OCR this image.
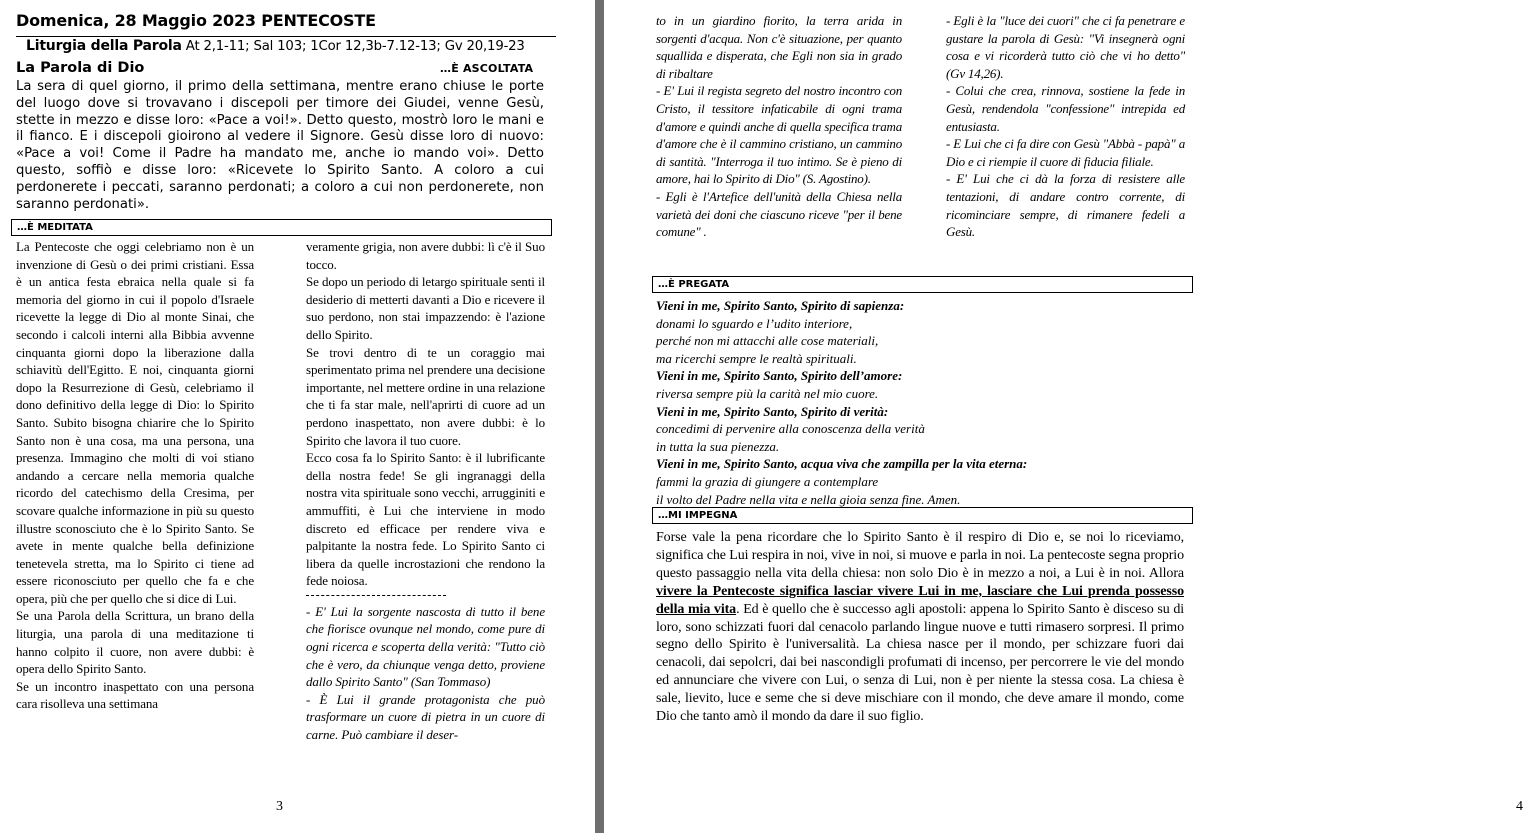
Domenica, 28 Maggio 2023 PENTECOSTE
Liturgia della Parola At 2,1-11; Sal 103; 1Cor 12,3b-7.12-13; Gv 20,19-23
La Parola di Dio	…È ASCOLTATA
La sera di quel giorno, il primo della settimana, mentre erano chiuse le porte del luogo dove si trovavano i discepoli per timore dei Giudei, venne Gesù, stette in mezzo e disse loro: «Pace a voi!». Detto questo, mostrò loro le mani e il fianco. E i discepoli gioirono al vedere il Signore. Gesù disse loro di nuovo: «Pace a voi! Come il Padre ha mandato me, anche io mando voi». Detto questo, soffiò e disse loro: «Ricevete lo Spirito Santo. A coloro a cui perdonerete i peccati, saranno perdonati; a coloro a cui non perdonerete, non saranno perdonati».
…È MEDITATA

La Pentecoste che oggi celebriamo non è un invenzione di Gesù o dei primi cristiani. Essa è un antica festa ebraica nella quale si fa memoria del giorno in cui il popolo d'Israele ricevette la legge di Dio al monte Sinai, che secondo i calcoli interni alla Bibbia avvenne cinquanta giorni dopo la liberazione dalla schiavitù dell'Egitto. E noi, cinquanta giorni dopo la Resurrezione di Gesù, celebriamo il dono definitivo della legge di Dio: lo Spirito Santo. Subito bisogna chiarire che lo Spirito Santo non è una cosa, ma una persona, una presenza. Immagino che molti di voi stiano andando a cercare nella memoria qualche ricordo del catechismo della Cresima, per scovare qualche informazione in più su questo illustre sconosciuto che è lo Spirito Santo. Se avete in mente qualche bella definizione tenetevela stretta, ma lo Spirito ci tiene ad essere riconosciuto per quello che fa e che opera, più che per quello che si dice di Lui.

Se una Parola della Scrittura, un brano della liturgia, una parola di una meditazione ti hanno colpito il cuore, non avere dubbi: è opera dello Spirito Santo.

Se un incontro inaspettato con una persona cara risolleva una settimana

veramente grigia, non avere dubbi: lì c'è il Suo tocco.

Se dopo un periodo di letargo spirituale senti il desiderio di metterti davanti a Dio e ricevere il suo perdono, non stai impazzendo: è l'azione dello Spirito.

Se trovi dentro di te un coraggio mai sperimentato prima nel prendere una decisione importante, nel mettere ordine in una relazione che ti fa star male, nell'aprirti di cuore ad un perdono inaspettato, non avere dubbi: è lo Spirito che lavora il tuo cuore.

Ecco cosa fa lo Spirito Santo: è il lubrificante della nostra fede! Se gli ingranaggi della nostra vita spirituale sono vecchi, arrugginiti e ammuffiti, è Lui che interviene in modo discreto ed efficace per rendere viva e palpitante la nostra fede. Lo Spirito Santo ci libera da quelle incrostazioni che rendono la fede noiosa.

- E' Lui la sorgente nascosta di tutto il bene che fiorisce ovunque nel mondo, come pure di ogni ricerca e scoperta della verità: "Tutto ciò che è vero, da chiunque venga detto, proviene dallo Spirito Santo" (San Tommaso)

- È Lui il grande protagonista che può trasformare un cuore di pietra in un cuore di carne. Può cambiare il deser-

3

to in un giardino fiorito, la terra arida in sorgenti d'acqua. Non c'è situazione, per quanto squallida e disperata, che Egli non sia in grado di ribaltare

- E' Lui il regista segreto del nostro incontro con Cristo, il tessitore infaticabile di ogni trama d'amore e quindi anche di quella specifica trama d'amore che è il cammino cristiano, un cammino di santità. "Interroga il tuo intimo. Se è pieno di amore, hai lo Spirito di Dio" (S. Agostino).

- Egli è l'Artefice dell'unità della Chiesa nella varietà dei doni che ciascuno riceve "per il bene comune" .

- Egli è la "luce dei cuori" che ci fa penetrare e gustare la parola di Gesù: "Vi insegnerà ogni cosa e vi ricorderà tutto ciò che vi ho detto" (Gv 14,26).

- Colui che crea, rinnova, sostiene la fede in Gesù, rendendola "confessione" intrepida ed entusiasta.

- E Lui che ci fa dire con Gesù "Abbà - papà" a Dio e ci riempie il cuore di fiducia filiale.

- E' Lui che ci dà la forza di resistere alle tentazioni, di andare contro corrente, di ricominciare sempre, di rimanere fedeli a Gesù.

…È PREGATA
Vieni in me, Spirito Santo, Spirito di sapienza:
donami lo sguardo e l’udito interiore,
perché non mi attacchi alle cose materiali,
ma ricerchi sempre le realtà spirituali.
Vieni in me, Spirito Santo, Spirito dell’amore:
riversa sempre più la carità nel mio cuore.
Vieni in me, Spirito Santo, Spirito di verità:
concedimi di pervenire alla conoscenza della verità
in tutta la sua pienezza.
Vieni in me, Spirito Santo, acqua viva che zampilla per la vita eterna:
fammi la grazia di giungere a contemplare
il volto del Padre nella vita e nella gioia senza fine. Amen.
…MI IMPEGNA
Forse vale la pena ricordare che lo Spirito Santo è il respiro di Dio e, se noi lo riceviamo, significa che Lui respira in noi, vive in noi, si muove e parla in noi. La pentecoste segna proprio questo passaggio nella vita della chiesa: non solo Dio è in mezzo a noi, a Lui è in noi. Allora vivere la Pentecoste significa lasciar vivere Lui in me, lasciare che Lui prenda possesso della mia vita. Ed è quello che è successo agli apostoli: appena lo Spirito Santo è disceso su di loro, sono schizzati fuori dal cenacolo parlando lingue nuove e tutti rimasero sorpresi. Il primo segno dello Spirito è l'universalità. La chiesa nasce per il mondo, per schizzare fuori dai cenacoli, dai sepolcri, dai bei nascondigli profumati di incenso, per percorrere le vie del mondo ed annunciare che vivere con Lui, o senza di Lui, non è per niente la stessa cosa. La chiesa è sale, lievito, luce e seme che si deve mischiare con il mondo, che deve amare il mondo, come Dio che tanto amò il mondo da dare il suo figlio.
4
